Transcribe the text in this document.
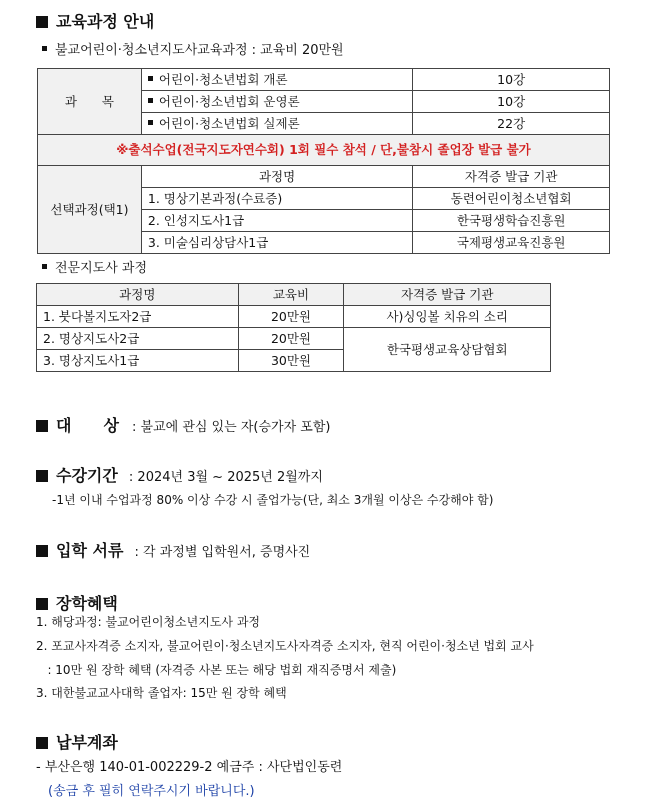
교육과정 안내
불교어린이·청소년지도사교육과정 : 교육비 20만원
과　　목	어린이·청소년법회 개론	10강
	어린이·청소년법회 운영론	10강
	어린이·청소년법회 실제론	22강
※출석수업(전국지도자연수회) 1회 필수 참석 / 단,불참시 졸업장 발급 불가		
선택과정(택1)	과정명	자격증 발급 기관
	1. 명상기본과정(수료증)	동련어린이청소년협회
	2. 인성지도사1급	한국평생학습진흥원
	3. 미술심리상담사1급	국제평생교육진흥원
전문지도사 과정
과정명	교육비	자격증 발급 기관
1. 붓다볼지도자2급	20만원	사)싱잉볼 치유의 소리
2. 명상지도사2급	20만원	한국평생교육상담협회
3. 명상지도사1급	30만원	
대　　상 : 불교에 관심 있는 자(승가자 포함)
수강기간 : 2024년 3월 ~ 2025년 2월까지
-1년 이내 수업과정 80% 이상 수강 시 졸업가능(단, 최소 3개월 이상은 수강해야 함)
입학 서류 : 각 과정별 입학원서, 증명사진
장학혜택
1. 해당과정: 불교어린이청소년지도사 과정
2. 포교사자격증 소지자, 불교어린이·청소년지도사자격증 소지자, 현직 어린이·청소년 법회 교사
: 10만 원 장학 혜택 (자격증 사본 또는 해당 법회 재직증명서 제출)
3. 대한불교교사대학 졸업자: 15만 원 장학 혜택
납부계좌
- 부산은행 140-01-002229-2 예금주 : 사단법인동련
(송금 후 필히 연락주시기 바랍니다.)
